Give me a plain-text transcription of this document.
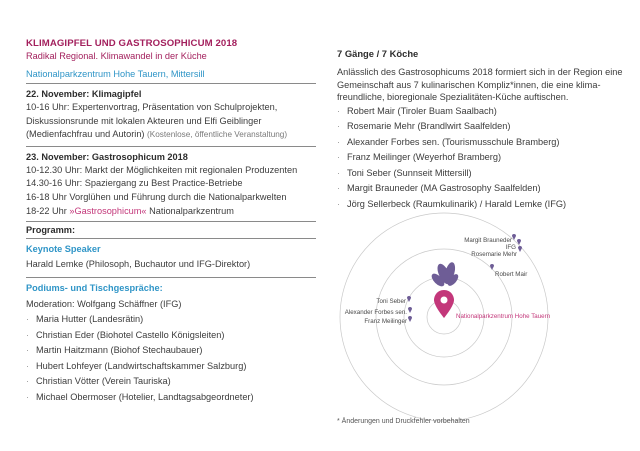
KLIMAGIPFEL UND GASTROSOPHICUM 2018
Radikal Regional. Klimawandel in der Küche
Nationalparkzentrum Hohe Tauern, Mittersill
22. November: Klimagipfel
10-16 Uhr: Expertenvortrag, Präsentation von Schulprojekten,
Diskussionsrunde mit lokalen Akteuren und Elfi Geiblinger
(Medienfachfrau und Autorin) (Kostenlose, öffentliche Veranstaltung)
23. November: Gastrosophicum 2018
10-12.30 Uhr: Markt der Möglichkeiten mit regionalen Produzenten
14.30-16 Uhr: Spaziergang zu Best Practice-Betriebe
16-18 Uhr Vorglühen und Führung durch die Nationalparkwelten
18-22 Uhr »Gastrosophicum« Nationalparkzentrum
Programm:
Keynote Speaker
Harald Lemke (Philosoph, Buchautor und IFG-Direktor)
Podiums- und Tischgespräche:
Moderation: Wolfgang Schäffner (IFG)
· Maria Hutter (Landesrätin)
· Christian Eder (Biohotel Castello Königsleiten)
· Martin Haitzmann (Biohof Stechaubauer)
· Hubert Lohfeyer (Landwirtschaftskammer Salzburg)
· Christian Vötter (Verein Tauriska)
· Michael Obermoser (Hotelier, Landtagsabgeordneter)
7 Gänge / 7 Köche
Anlässlich des Gastrosophicums 2018 formiert sich in der Region eine Gemeinschaft aus 7 kulinarischen Kompliz*innen, die eine klima-freundliche, bioregionale Spezialitäten-Küche auftischen.
· Robert Mair (Tiroler Buam Saalbach)
· Rosemarie Mehr (Brandlwirt Saalfelden)
· Alexander Forbes sen. (Tourismusschule Bramberg)
· Franz Meilinger (Weyerhof Bramberg)
· Toni Seber (Sunnseit Mittersill)
· Margit Brauneder (MA Gastrosophy Saalfelden)
· Jörg Sellerbeck (Raumkulinarik) / Harald Lemke (IFG)
Nationalparkzentrum Hohe Tauern
Margit Brauneder
IFG
Rosemarie Mehr
Robert Mair
Toni Seber
Alexander Forbes sen.
Franz Meilinger
* Änderungen und Druckfehler vorbehalten
